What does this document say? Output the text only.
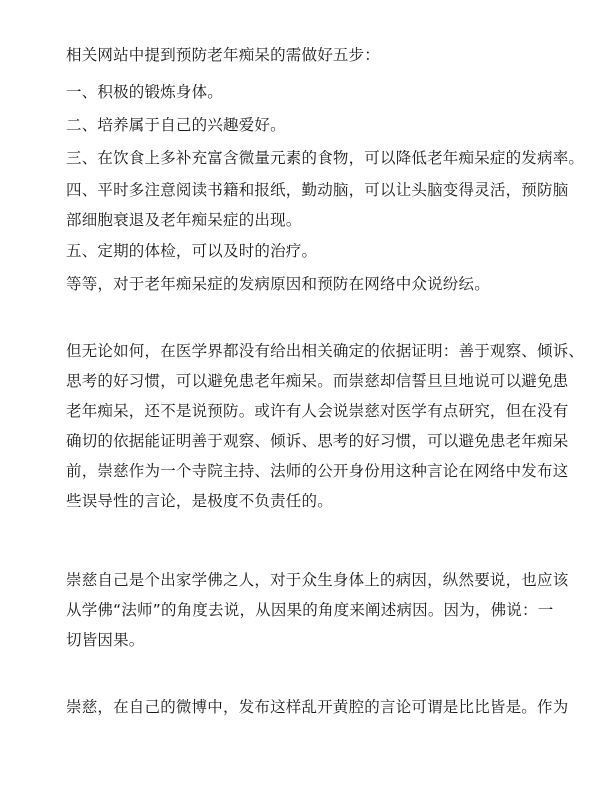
相关网站中提到预防老年痴呆的需做好五步：
一、积极的锻炼身体。
二、培养属于自己的兴趣爱好。
三、在饮食上多补充富含微量元素的食物，可以降低老年痴呆症的发病率。
四、平时多注意阅读书籍和报纸，勤动脑，可以让头脑变得灵活，预防脑
部细胞衰退及老年痴呆症的出现。
五、定期的体检，可以及时的治疗。
等等，对于老年痴呆症的发病原因和预防在网络中众说纷纭。
但无论如何，在医学界都没有给出相关确定的依据证明：善于观察、倾诉、
思考的好习惯，可以避免患老年痴呆。而崇慈却信誓旦旦地说可以避免患
老年痴呆，还不是说预防。或许有人会说崇慈对医学有点研究，但在没有
确切的依据能证明善于观察、倾诉、思考的好习惯，可以避免患老年痴呆
前，崇慈作为一个寺院主持、法师的公开身份用这种言论在网络中发布这
些误导性的言论，是极度不负责任的。
崇慈自己是个出家学佛之人，对于众生身体上的病因，纵然要说，也应该
从学佛“法师”的角度去说，从因果的角度来阐述病因。因为，佛说：一
切皆因果。
崇慈，在自己的微博中，发布这样乱开黄腔的言论可谓是比比皆是。作为
